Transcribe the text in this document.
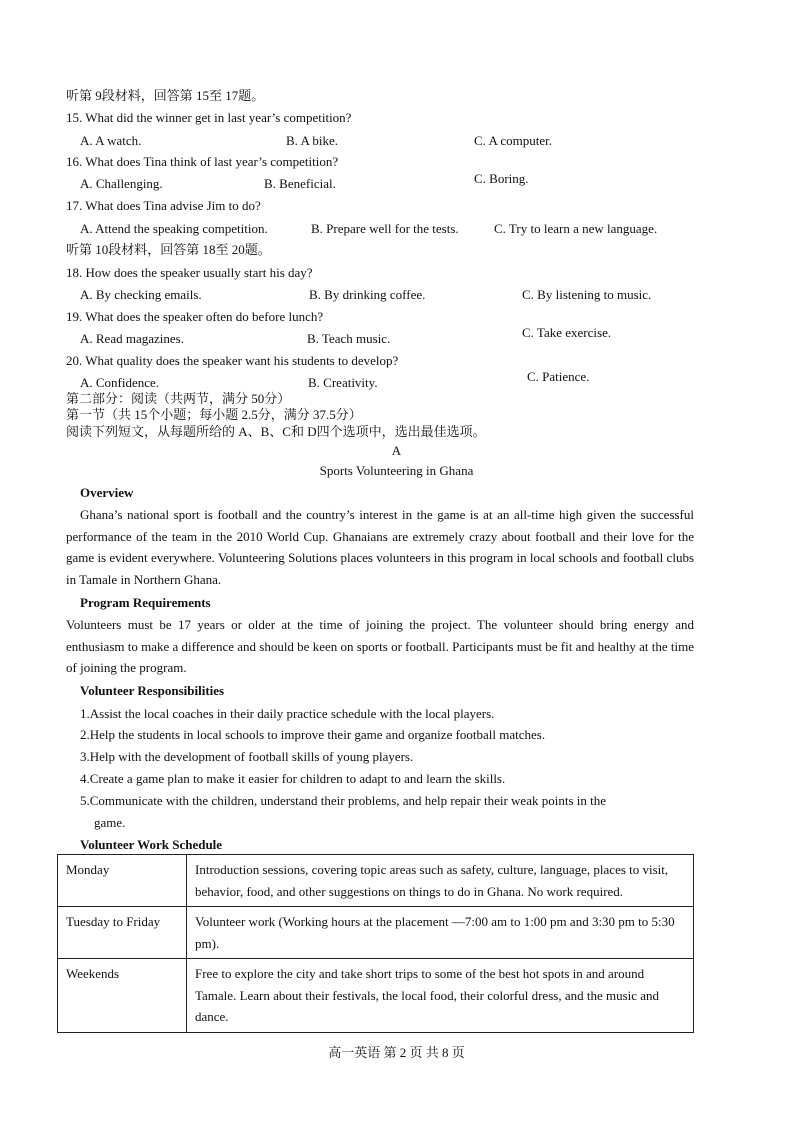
听第 9段材料，回答第 15至 17题。
15. What did the winner get in last year’s competition?
A. A watch.	B. A bike.	C. A computer.
16. What does Tina think of last year’s competition?
A. Challenging.	B. Beneficial.	C. Boring.
17. What does Tina advise Jim to do?
A. Attend the speaking competition.	B. Prepare well for the tests.	C. Try to learn a new language.
听第 10段材料，回答第 18至 20题。
18. How does the speaker usually start his day?
A. By checking emails.	B. By drinking coffee.	C. By listening to music.
19. What does the speaker often do before lunch?
A. Read magazines.	B. Teach music.	C. Take exercise.
20. What quality does the speaker want his students to develop?
A. Confidence.	B. Creativity.	C. Patience.
第二部分：阅读（共两节，满分 50分）
第一节（共 15个小题；每小题 2.5分，满分 37.5分）
阅读下列短文，从每题所给的 A、B、C和 D四个选项中，选出最佳选项。
A
Sports Volunteering in Ghana
Overview
Ghana’s national sport is football and the country’s interest in the game is at an all-time high given the successful performance of the team in the 2010 World Cup. Ghanaians are extremely crazy about football and their love for the game is evident everywhere. Volunteering Solutions places volunteers in this program in local schools and football clubs in Tamale in Northern Ghana.
Program Requirements
Volunteers must be 17 years or older at the time of joining the project. The volunteer should bring energy and enthusiasm to make a difference and should be keen on sports or football. Participants must be fit and healthy at the time of joining the program.
Volunteer Responsibilities
1.Assist the local coaches in their daily practice schedule with the local players.
2.Help the students in local schools to improve their game and organize football matches.
3.Help with the development of football skills of young players.
4.Create a game plan to make it easier for children to adapt to and learn the skills.
5.Communicate with the children, understand their problems, and help repair their weak points in the
game.
Volunteer Work Schedule
Monday	Introduction sessions, covering topic areas such as safety, culture, language, places to visit, behavior, food, and other suggestions on things to do in Ghana. No work required.
Tuesday to Friday	Volunteer work (Working hours at the placement —7:00 am to 1:00 pm and 3:30 pm to 5:30 pm).
Weekends	Free to explore the city and take short trips to some of the best hot spots in and around Tamale. Learn about their festivals, the local food, their colorful dress, and the music and dance.
高一英语 第 2 页 共 8 页
